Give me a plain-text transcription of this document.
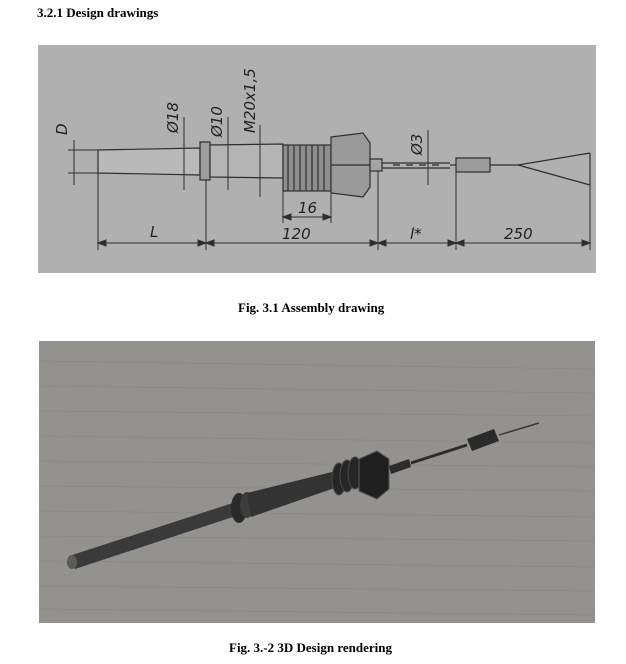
3.2.1 Design drawings
D	Ø18 Ø10 M20x1,5
Ø3
16
L	120	l*	250
Fig. 3.1 Assembly drawing
Fig. 3.-2 3D Design rendering
